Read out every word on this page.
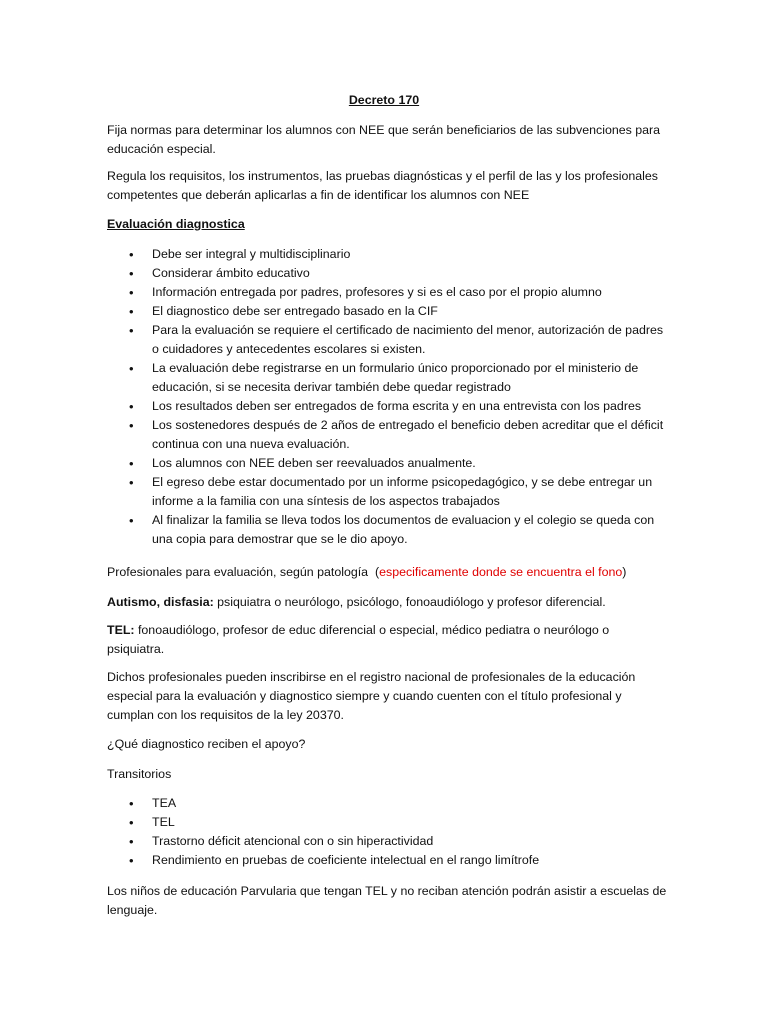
Decreto 170

Fija normas para determinar los alumnos con NEE que serán beneficiarios de las subvenciones para educación especial.

Regula los requisitos, los instrumentos, las pruebas diagnósticas y el perfil de las y los profesionales competentes que deberán aplicarlas a fin de identificar los alumnos con NEE

Evaluación diagnostica

• Debe ser integral y multidisciplinario
• Considerar ámbito educativo
• Información entregada por padres, profesores y si es el caso por el propio alumno
• El diagnostico debe ser entregado basado en la CIF
• Para la evaluación se requiere el certificado de nacimiento del menor, autorización de padres o cuidadores y antecedentes escolares si existen.
• La evaluación debe registrarse en un formulario único proporcionado por el ministerio de educación, si se necesita derivar también debe quedar registrado
• Los resultados deben ser entregados de forma escrita y en una entrevista con los padres
• Los sostenedores después de 2 años de entregado el beneficio deben acreditar que el déficit continua con una nueva evaluación.
• Los alumnos con NEE deben ser reevaluados anualmente.
• El egreso debe estar documentado por un informe psicopedagógico, y se debe entregar un informe a la familia con una síntesis de los aspectos trabajados
• Al finalizar la familia se lleva todos los documentos de evaluacion y el colegio se queda con una copia para demostrar que se le dio apoyo.

Profesionales para evaluación, según patología (especificamente donde se encuentra el fono)

Autismo, disfasia: psiquiatra o neurólogo, psicólogo, fonoaudiólogo y profesor diferencial.

TEL: fonoaudiólogo, profesor de educ diferencial o especial, médico pediatra o neurólogo o psiquiatra.

Dichos profesionales pueden inscribirse en el registro nacional de profesionales de la educación especial para la evaluación y diagnostico siempre y cuando cuenten con el título profesional y cumplan con los requisitos de la ley 20370.

¿Qué diagnostico reciben el apoyo?

Transitorios

• TEA
• TEL
• Trastorno déficit atencional con o sin hiperactividad
• Rendimiento en pruebas de coeficiente intelectual en el rango limítrofe

Los niños de educación Parvularia que tengan TEL y no reciban atención podrán asistir a escuelas de lenguaje.
